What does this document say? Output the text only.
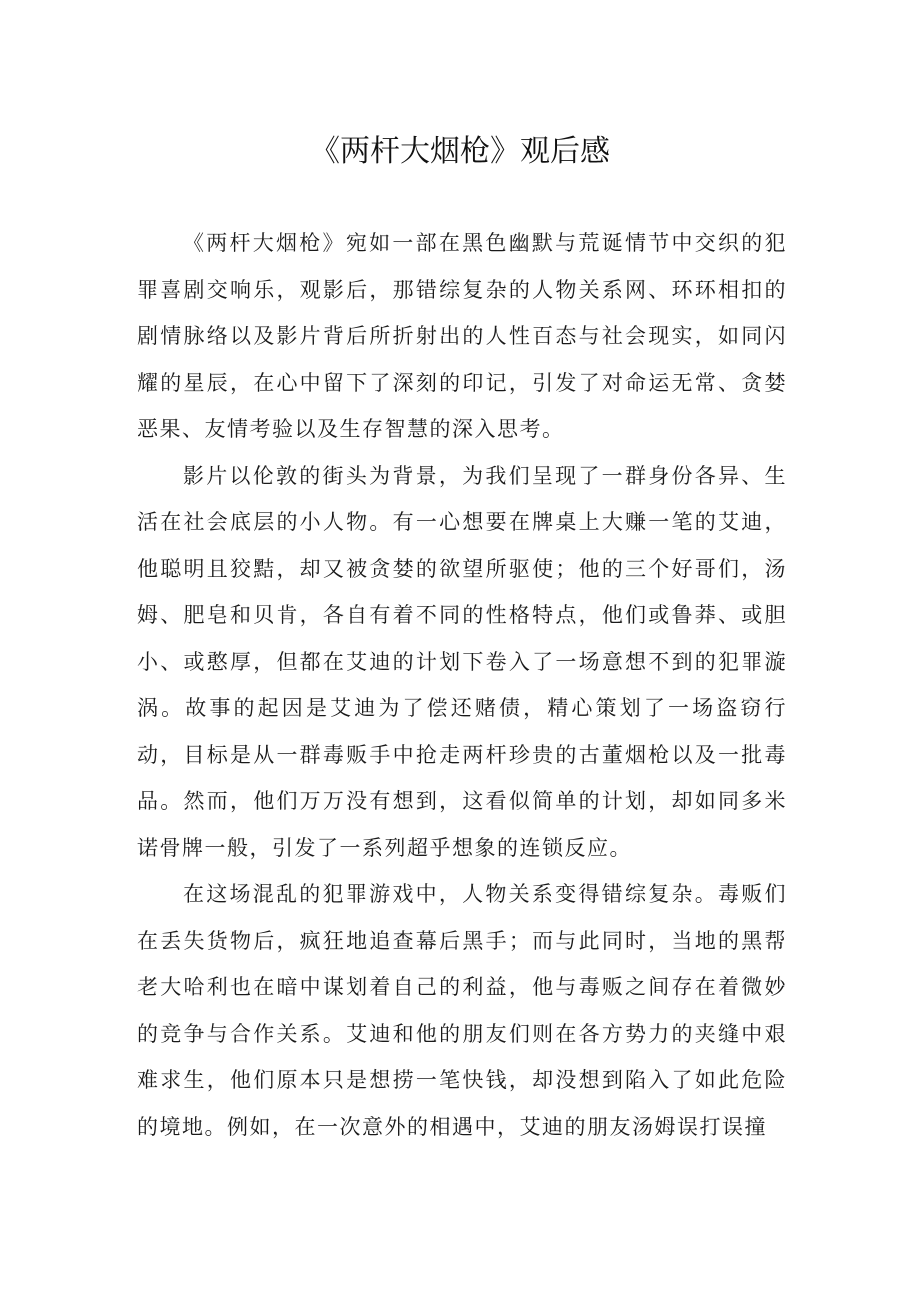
《两杆大烟枪》观后感

《两杆大烟枪》宛如一部在黑色幽默与荒诞情节中交织的犯罪喜剧交响乐，观影后，那错综复杂的人物关系网、环环相扣的剧情脉络以及影片背后所折射出的人性百态与社会现实，如同闪耀的星辰，在心中留下了深刻的印记，引发了对命运无常、贪婪恶果、友情考验以及生存智慧的深入思考。

影片以伦敦的街头为背景，为我们呈现了一群身份各异、生活在社会底层的小人物。有一心想要在牌桌上大赚一笔的艾迪，他聪明且狡黠，却又被贪婪的欲望所驱使；他的三个好哥们，汤姆、肥皂和贝肯，各自有着不同的性格特点，他们或鲁莽、或胆小、或憨厚，但都在艾迪的计划下卷入了一场意想不到的犯罪漩涡。故事的起因是艾迪为了偿还赌债，精心策划了一场盗窃行动，目标是从一群毒贩手中抢走两杆珍贵的古董烟枪以及一批毒品。然而，他们万万没有想到，这看似简单的计划，却如同多米诺骨牌一般，引发了一系列超乎想象的连锁反应。

在这场混乱的犯罪游戏中，人物关系变得错综复杂。毒贩们在丢失货物后，疯狂地追查幕后黑手；而与此同时，当地的黑帮老大哈利也在暗中谋划着自己的利益，他与毒贩之间存在着微妙的竞争与合作关系。艾迪和他的朋友们则在各方势力的夹缝中艰难求生，他们原本只是想捞一笔快钱，却没想到陷入了如此危险的境地。例如，在一次意外的相遇中，艾迪的朋友汤姆误打误撞
